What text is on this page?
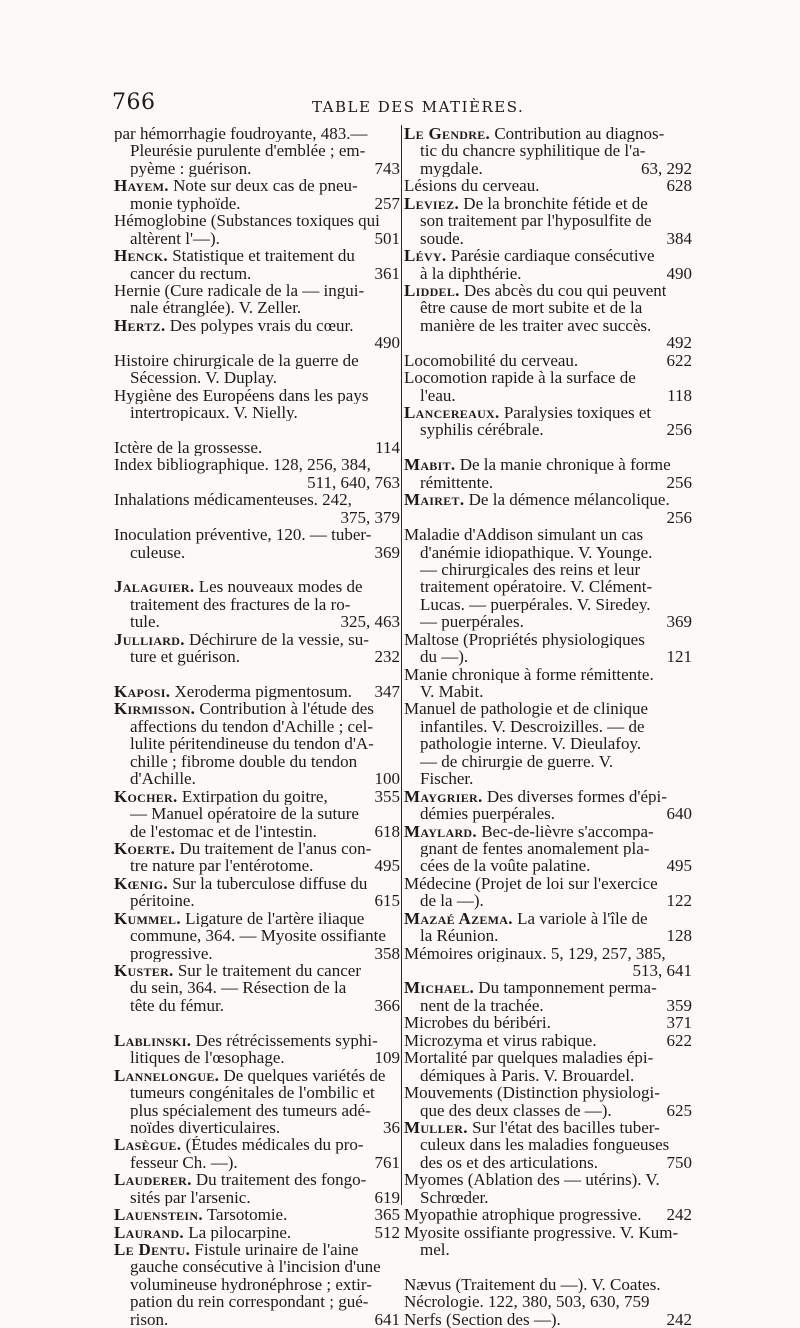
766	TABLE DES MATIÈRES.
par hémorrhagie foudroyante, 483.—
Pleurésie purulente d'emblée ; em-
pyème : guérison.	743
Hayem. Note sur deux cas de pneu-
monie typhoïde.	257
Hémoglobine (Substances toxiques qui
altèrent l'—).	501
Henck. Statistique et traitement du
cancer du rectum.	361
Hernie (Cure radicale de la — ingui-
nale étranglée). V. Zeller.
Hertz. Des polypes vrais du cœur.
490
Histoire chirurgicale de la guerre de
Sécession. V. Duplay.
Hygiène des Européens dans les pays
intertropicaux. V. Nielly.
Ictère de la grossesse.	114
Index bibliographique. 128, 256, 384,
511, 640, 763
Inhalations médicamenteuses. 242,
375, 379
Inoculation préventive, 120. — tuber-
culeuse.	369
Jalaguier. Les nouveaux modes de
traitement des fractures de la ro-
tule.	325, 463
Julliard. Déchirure de la vessie, su-
ture et guérison.	232
Kaposi. Xeroderma pigmentosum.	347
Kirmisson. Contribution à l'étude des
affections du tendon d'Achille ; cel-
lulite péritendineuse du tendon d'A-
chille ; fibrome double du tendon
d'Achille.	100
Kocher. Extirpation du goitre,	355
— Manuel opératoire de la suture
de l'estomac et de l'intestin.	618
Koerte. Du traitement de l'anus con-
tre nature par l'entérotome.	495
Kœnig. Sur la tuberculose diffuse du
péritoine.	615
Kummel. Ligature de l'artère iliaque
commune, 364. — Myosite ossifiante
progressive.	358
Kuster. Sur le traitement du cancer
du sein, 364. — Résection de la
tête du fémur.	366
Lablinski. Des rétrécissements syphi-
litiques de l'œsophage.	109
Lannelongue. De quelques variétés de
tumeurs congénitales de l'ombilic et
plus spécialement des tumeurs adé-
noïdes diverticulaires.	36
Lasègue. (Études médicales du pro-
fesseur Ch. —).	761
Lauderer. Du traitement des fongo-
sités par l'arsenic.	619
Lauenstein. Tarsotomie.	365
Laurand. La pilocarpine.	512
Le Dentu. Fistule urinaire de l'aine
gauche consécutive à l'incision d'une
volumineuse hydronéphrose ; extir-
pation du rein correspondant ; gué-
rison.	641
Le Gendre. Contribution au diagnos-
tic du chancre syphilitique de l'a-
mygdale.	63, 292
Lésions du cerveau.	628
Leviez. De la bronchite fétide et de
son traitement par l'hyposulfite de
soude.	384
Lévy. Parésie cardiaque consécutive
à la diphthérie.	490
Liddel. Des abcès du cou qui peuvent
être cause de mort subite et de la
manière de les traiter avec succès.
492
Locomobilité du cerveau.	622
Locomotion rapide à la surface de
l'eau.	118
Lancereaux. Paralysies toxiques et
syphilis cérébrale.	256
Mabit. De la manie chronique à forme
rémittente.	256
Mairet. De la démence mélancolique.
256
Maladie d'Addison simulant un cas
d'anémie idiopathique. V. Younge.
— chirurgicales des reins et leur
traitement opératoire. V. Clément-
Lucas. — puerpérales. V. Siredey.
— puerpérales.	369
Maltose (Propriétés physiologiques
du —).	121
Manie chronique à forme rémittente.
V. Mabit.
Manuel de pathologie et de clinique
infantiles. V. Descroizilles. — de
pathologie interne. V. Dieulafoy.
— de chirurgie de guerre. V.
Fischer.
Maygrier. Des diverses formes d'épi-
démies puerpérales.	640
Maylard. Bec-de-lièvre s'accompa-
gnant de fentes anomalement pla-
cées de la voûte palatine.	495
Médecine (Projet de loi sur l'exercice
de la —).	122
Mazaé Azema. La variole à l'île de
la Réunion.	128
Mémoires originaux. 5, 129, 257, 385,
513, 641
Michael. Du tamponnement perma-
nent de la trachée.	359
Microbes du béribéri.	371
Microzyma et virus rabique.	622
Mortalité par quelques maladies épi-
démiques à Paris. V. Brouardel.
Mouvements (Distinction physiologi-
que des deux classes de —).	625
Muller. Sur l'état des bacilles tuber-
culeux dans les maladies fongueuses
des os et des articulations.	750
Myomes (Ablation des — utérins). V.
Schrœder.
Myopathie atrophique progressive.	242
Myosite ossifiante progressive. V. Kum-
mel.
Nævus (Traitement du —). V. Coates.
Nécrologie. 122, 380, 503, 630, 759
Nerfs (Section des —).	242
